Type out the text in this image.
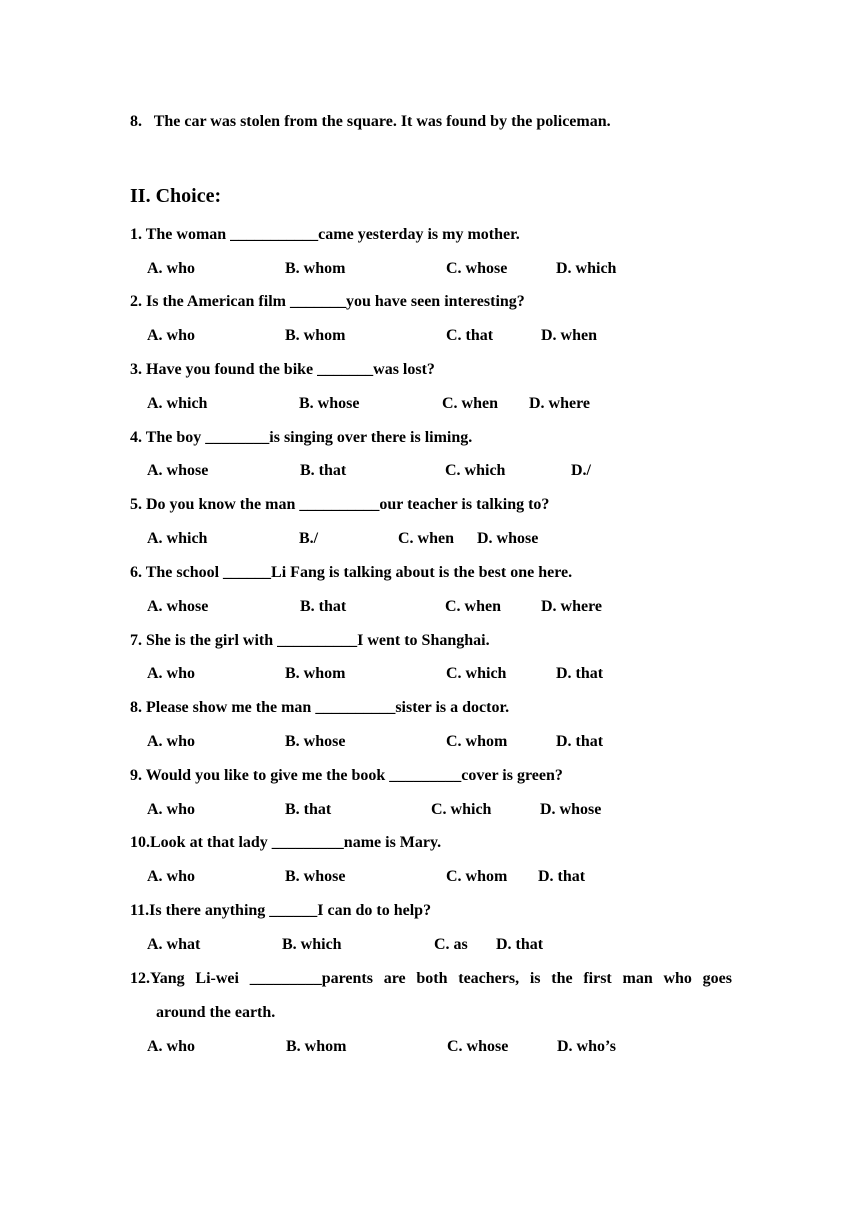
8.   The car was stolen from the square. It was found by the policeman.
II. Choice:
1. The woman ___________came yesterday is my mother.
A. who	B. whom	C. whose	D. which
2. Is the American film _______you have seen interesting?
A. who	B. whom	C. that	D. when
3. Have you found the bike _______was lost?
A. which	B. whose	C. when D. where
4. The boy ________is singing over there is liming.
A. whose	B. that	C. which	D./
5. Do you know the man __________our teacher is talking to?
A. which	B./	C. when D. whose
6. The school ______Li Fang is talking about is the best one here.
A. whose	B. that	C. when D. where
7. She is the girl with __________I went to Shanghai.
A. who	B. whom	C. which	D. that
8. Please show me the man __________sister is a doctor.
A. who	B. whose	C. whom	D. that
9. Would you like to give me the book _________cover is green?
A. who	B. that	C. which	D. whose
10.Look at that lady _________name is Mary.
A. who	B. whose	C. whom D. that
11.Is there anything ______I can do to help?
A. what	B. which	C. as D. that
12.Yang Li-wei _________parents are both teachers, is the first man who goes
around the earth.
A. who	B. whom	C. whose	D. who’s
